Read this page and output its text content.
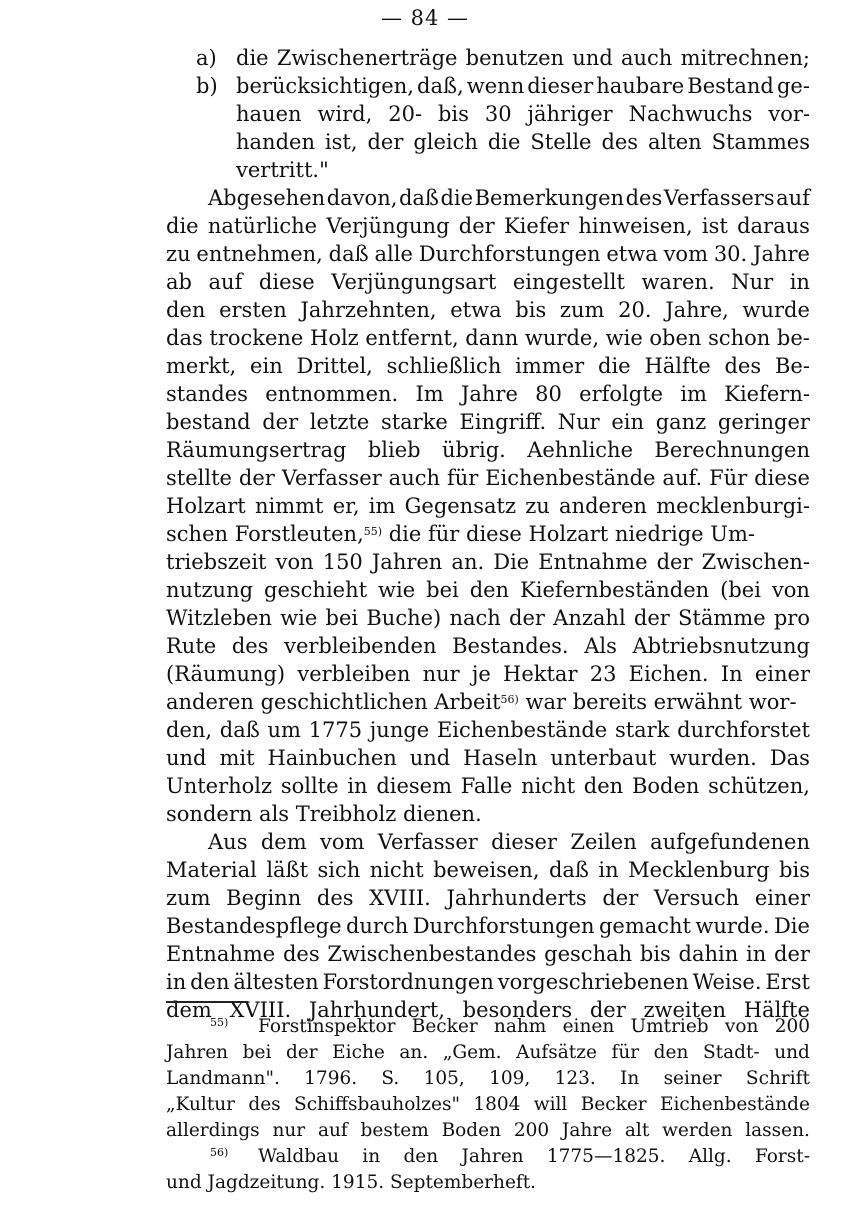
— 84 —
a) die Zwischenerträge benutzen und auch mitrechnen;
b) berücksichtigen, daß, wenn dieser haubare Bestand ge-
hauen wird, 20- bis 30 jähriger Nachwuchs vor-
handen ist, der gleich die Stelle des alten Stammes
vertritt."
Abgesehen davon, daß die Bemerkungen des Verfassers auf
die natürliche Verjüngung der Kiefer hinweisen, ist daraus
zu entnehmen, daß alle Durchforstungen etwa vom 30. Jahre
ab auf diese Verjüngungsart eingestellt waren. Nur in
den ersten Jahrzehnten, etwa bis zum 20. Jahre, wurde
das trockene Holz entfernt, dann wurde, wie oben schon be-
merkt, ein Drittel, schließlich immer die Hälfte des Be-
standes entnommen. Im Jahre 80 erfolgte im Kiefern-
bestand der letzte starke Eingriff. Nur ein ganz geringer
Räumungsertrag blieb übrig. Aehnliche Berechnungen
stellte der Verfasser auch für Eichenbestände auf. Für diese
Holzart nimmt er, im Gegensatz zu anderen mecklenburgi-
schen Forstleuten,$^{55)}$ die für diese Holzart niedrige Um-
triebszeit von 150 Jahren an. Die Entnahme der Zwischen-
nutzung geschieht wie bei den Kiefernbeständen (bei von
Witzleben wie bei Buche) nach der Anzahl der Stämme pro
Rute des verbleibenden Bestandes. Als Abtriebsnutzung
(Räumung) verbleiben nur je Hektar 23 Eichen. In einer
anderen geschichtlichen Arbeit$^{56)}$ war bereits erwähnt wor-
den, daß um 1775 junge Eichenbestände stark durchforstet
und mit Hainbuchen und Haseln unterbaut wurden. Das
Unterholz sollte in diesem Falle nicht den Boden schützen,
sondern als Treibholz dienen.
Aus dem vom Verfasser dieser Zeilen aufgefundenen
Material läßt sich nicht beweisen, daß in Mecklenburg bis
zum Beginn des XVIII. Jahrhunderts der Versuch einer
Bestandespflege durch Durchforstungen gemacht wurde. Die
Entnahme des Zwischenbestandes geschah bis dahin in der
in den ältesten Forstordnungen vorgeschriebenen Weise. Erst
dem XVIII. Jahrhundert, besonders der zweiten Hälfte
$^{55)}$	Forstinspektor Becker nahm einen Umtrieb von 200
Jahren bei der Eiche an. „Gem. Aufsätze für den Stadt- und
Landmann". 1796. S. 105, 109, 123. In seiner Schrift
„Kultur des Schiffsbauholzes" 1804 will Becker Eichenbestände
allerdings nur auf bestem Boden 200 Jahre alt werden lassen.
$^{56)}$	Waldbau in den Jahren 1775—1825. Allg. Forst-
und Jagdzeitung. 1915. Septemberheft.
